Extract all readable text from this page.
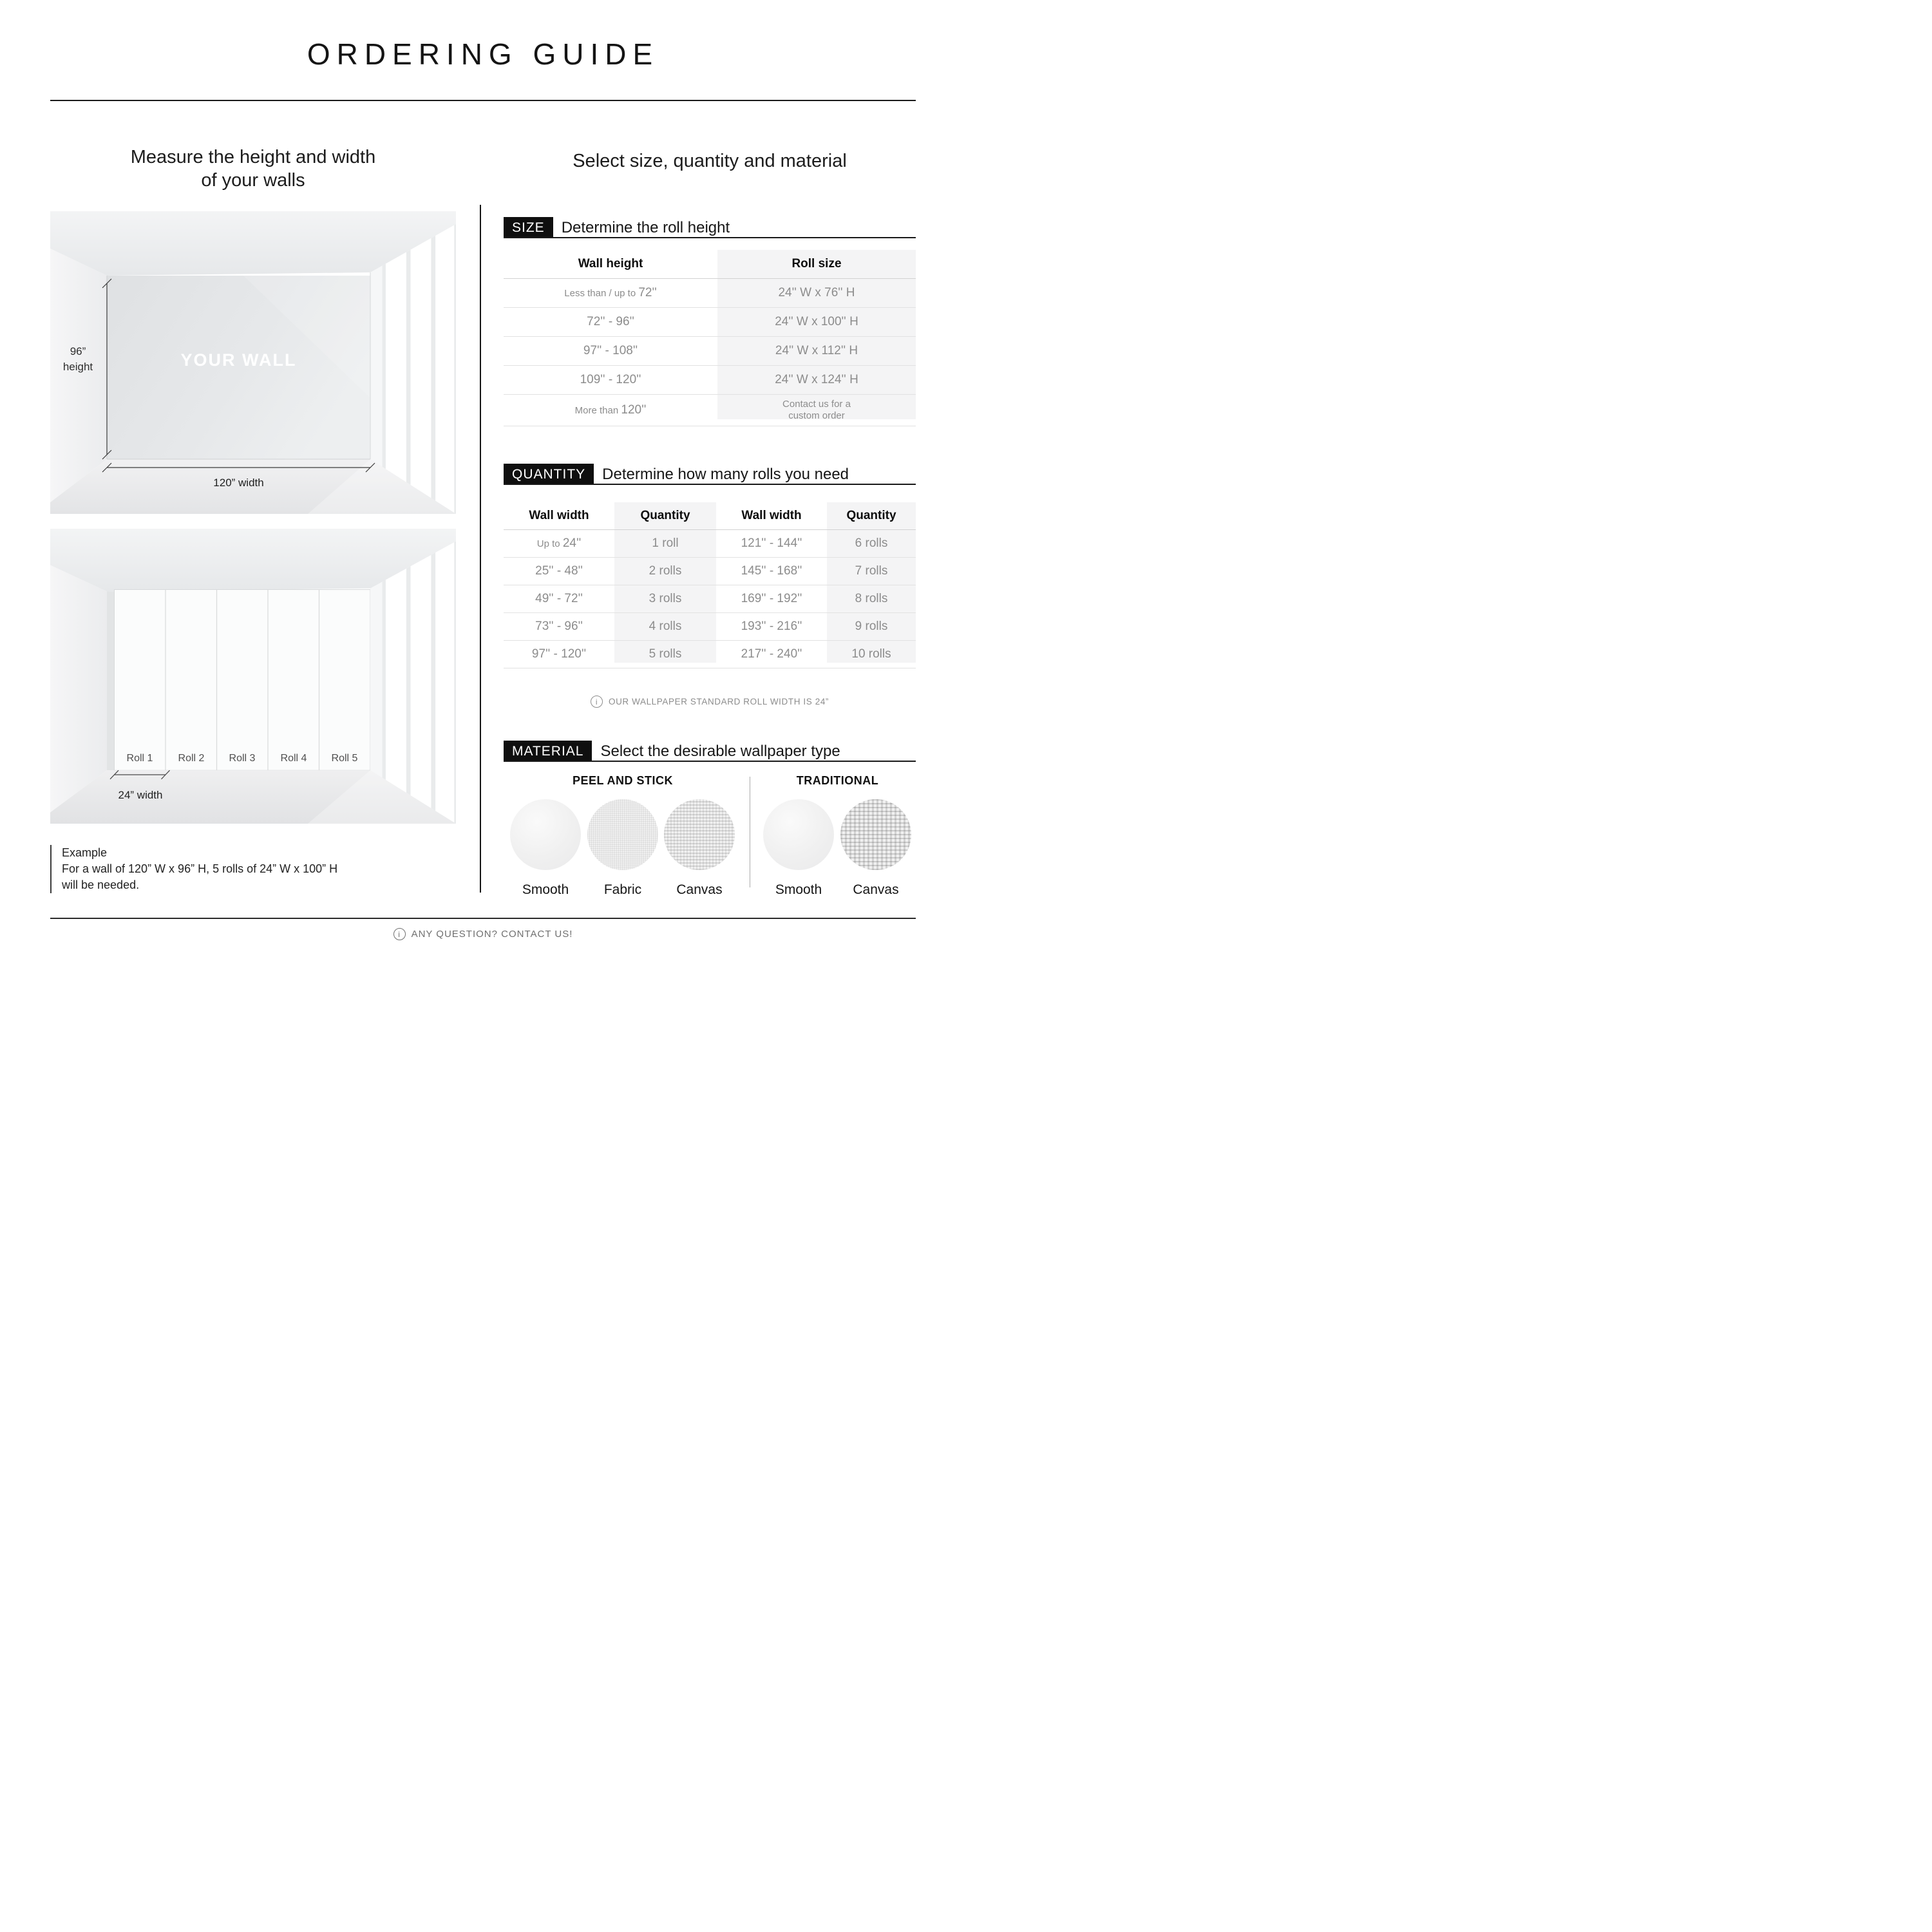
ORDERING GUIDE
Measure the height and width
of your walls
Select size, quantity and material
96”
height	YOUR WALL
120” width
Roll 1	Roll 2	Roll 3	Roll 4	Roll 5
24” width
Example
For a wall of 120” W x 96” H, 5 rolls of 24” W x 100” H
will be needed.
SIZE	Determine the roll height
Wall height	Roll size
Less than / up to 72''	24'' W x 76'' H
72'' - 96''	24'' W x 100'' H
97'' - 108''	24'' W x 112'' H
109'' - 120''	24'' W x 124'' H
More than 120''	Contact us for a
custom order
QUANTITY	Determine how many rolls you need
Wall width	Quantity	Wall width	Quantity
Up to 24''	1 roll	121'' - 144''	6 rolls
25'' - 48''	2 rolls	145'' - 168''	7 rolls
49'' - 72''	3 rolls	169'' - 192''	8 rolls
73'' - 96''	4 rolls	193'' - 216''	9 rolls
97'' - 120''	5 rolls	217'' - 240''	10 rolls
i	OUR WALLPAPER STANDARD ROLL WIDTH IS 24”
MATERIAL	Select the desirable wallpaper type
PEEL AND STICK	TRADITIONAL
Smooth	Fabric	Canvas	Smooth	Canvas
i	ANY QUESTION? CONTACT US!
